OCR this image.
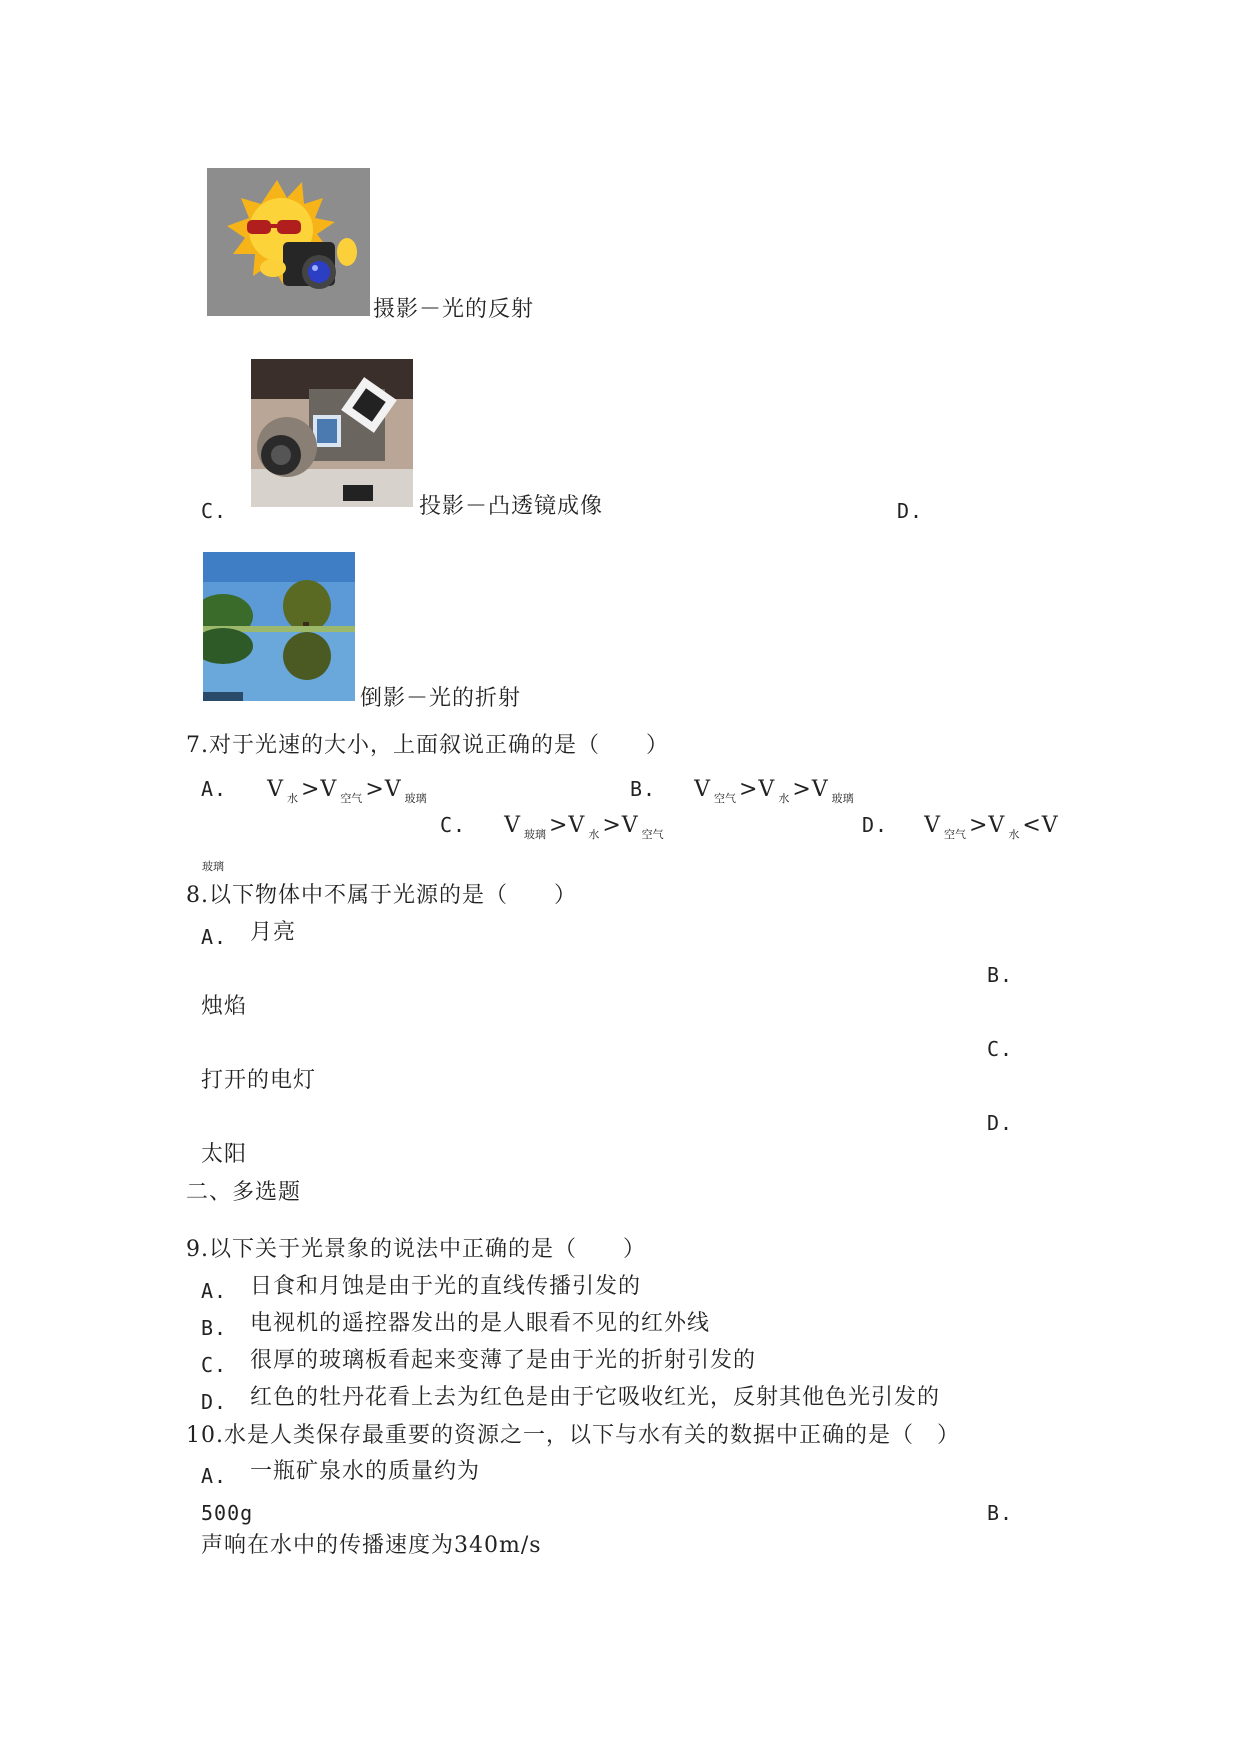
摄影－光的反射
C.	投影－凸透镜成像	D.
倒影－光的折射
7.对于光速的大小，上面叙说正确的是（　　）
A. V $_水$ >V $_{空气}$ >V $_{玻璃}$	B. V $_{空气}$ >V $_水$ >V $_{玻璃}$
C. V $_{玻璃}$ >V $_水$ >V $_{空气}$	D. V $_{空气}$ >V $_水$ <V
玻璃
8.以下物体中不属于光源的是（　　）
A. 月亮
B.
烛焰
C.
打开的电灯
D.
太阳
二、多选题
9.以下关于光景象的说法中正确的是（　　）
A. 日食和月蚀是由于光的直线传播引发的
B. 电视机的遥控器发出的是人眼看不见的红外线
C. 很厚的玻璃板看起来变薄了是由于光的折射引发的
D. 红色的牡丹花看上去为红色是由于它吸收红光，反射其他色光引发的
10.水是人类保存最重要的资源之一，以下与水有关的数据中正确的是（　）
A. 一瓶矿泉水的质量约为
500g	B.
声响在水中的传播速度为340m/s
